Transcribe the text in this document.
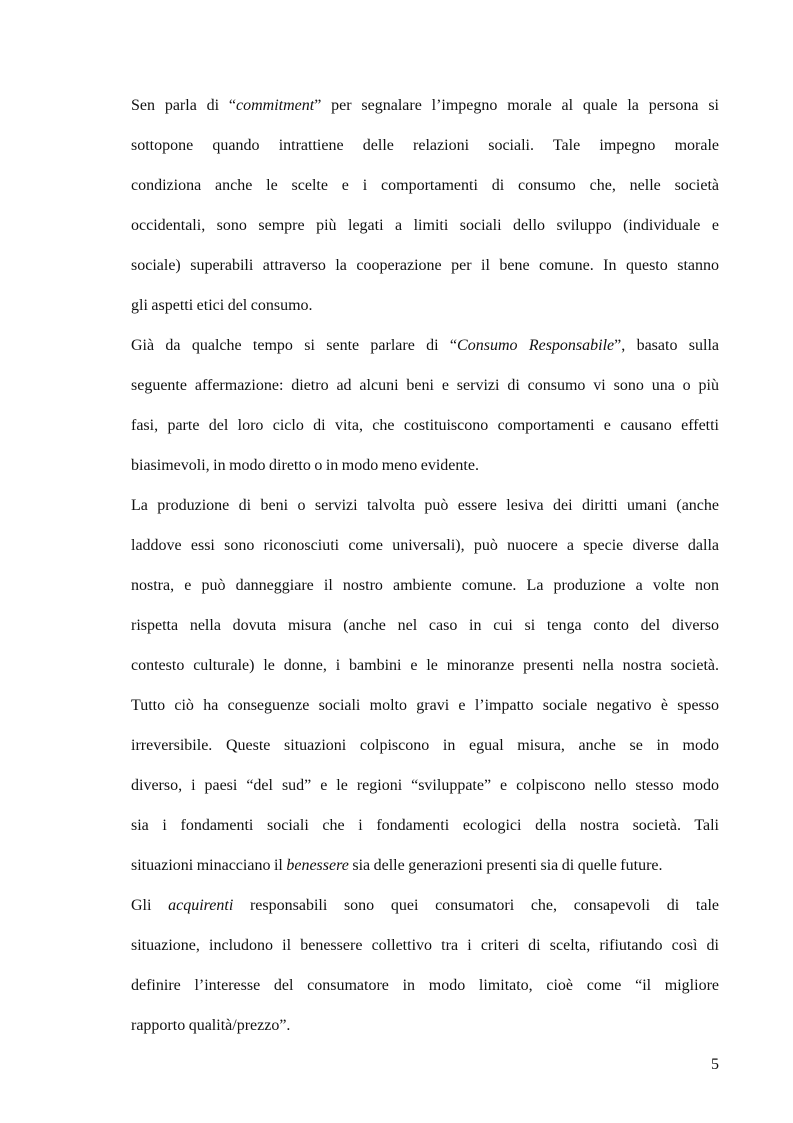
Sen parla di “commitment” per segnalare l’impegno morale al quale la persona si
sottopone quando intrattiene delle relazioni sociali. Tale impegno morale
condiziona anche le scelte e i comportamenti di consumo che, nelle società
occidentali, sono sempre più legati a limiti sociali dello sviluppo (individuale e
sociale) superabili attraverso la cooperazione per il bene comune. In questo stanno
gli aspetti etici del consumo.
Già da qualche tempo si sente parlare di “Consumo Responsabile”, basato sulla
seguente affermazione: dietro ad alcuni beni e servizi di consumo vi sono una o più
fasi, parte del loro ciclo di vita, che costituiscono comportamenti e causano effetti
biasimevoli, in modo diretto o in modo meno evidente.
La produzione di beni o servizi talvolta può essere lesiva dei diritti umani (anche
laddove essi sono riconosciuti come universali), può nuocere a specie diverse dalla
nostra, e può danneggiare il nostro ambiente comune. La produzione a volte non
rispetta nella dovuta misura (anche nel caso in cui si tenga conto del diverso
contesto culturale) le donne, i bambini e le minoranze presenti nella nostra società.
Tutto ciò ha conseguenze sociali molto gravi e l’impatto sociale negativo è spesso
irreversibile. Queste situazioni colpiscono in egual misura, anche se in modo
diverso, i paesi “del sud” e le regioni “sviluppate” e colpiscono nello stesso modo
sia i fondamenti sociali che i fondamenti ecologici della nostra società. Tali
situazioni minacciano il benessere sia delle generazioni presenti sia di quelle future.
Gli acquirenti responsabili sono quei consumatori che, consapevoli di tale
situazione, includono il benessere collettivo tra i criteri di scelta, rifiutando così di
definire l’interesse del consumatore in modo limitato, cioè come “il migliore
rapporto qualità/prezzo”.
5
